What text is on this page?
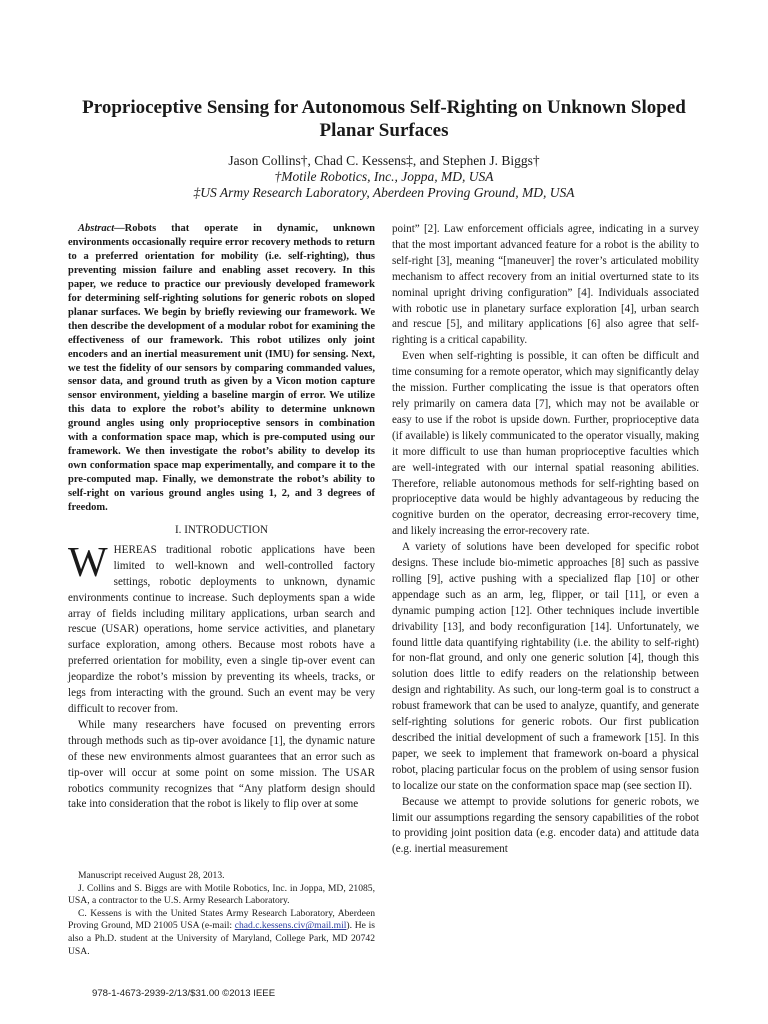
Proprioceptive Sensing for Autonomous Self-Righting on Unknown Sloped Planar Surfaces
Jason Collins†, Chad C. Kessens‡, and Stephen J. Biggs†
†Motile Robotics, Inc., Joppa, MD, USA
‡US Army Research Laboratory, Aberdeen Proving Ground, MD, USA

Abstract—Robots that operate in dynamic, unknown environments occasionally require error recovery methods to return to a preferred orientation for mobility (i.e. self-righting), thus preventing mission failure and enabling asset recovery. In this paper, we reduce to practice our previously developed framework for determining self-righting solutions for generic robots on sloped planar surfaces. We begin by briefly reviewing our framework. We then describe the development of a modular robot for examining the effectiveness of our framework. This robot utilizes only joint encoders and an inertial measurement unit (IMU) for sensing. Next, we test the fidelity of our sensors by comparing commanded values, sensor data, and ground truth as given by a Vicon motion capture sensor environment, yielding a baseline margin of error. We utilize this data to explore the robot’s ability to determine unknown ground angles using only proprioceptive sensors in combination with a conformation space map, which is pre-computed using our framework. We then investigate the robot’s ability to develop its own conformation space map experimentally, and compare it to the pre-computed map. Finally, we demonstrate the robot’s ability to self-right on various ground angles using 1, 2, and 3 degrees of freedom.

I. INTRODUCTION

WHEREAS traditional robotic applications have been limited to well-known and well-controlled factory settings, robotic deployments to unknown, dynamic environments continue to increase. Such deployments span a wide array of fields including military applications, urban search and rescue (USAR) operations, home service activities, and planetary surface exploration, among others. Because most robots have a preferred orientation for mobility, even a single tip-over event can jeopardize the robot’s mission by preventing its wheels, tracks, or legs from interacting with the ground. Such an event may be very difficult to recover from.

While many researchers have focused on preventing errors through methods such as tip-over avoidance [1], the dynamic nature of these new environments almost guarantees that an error such as tip-over will occur at some point on some mission. The USAR robotics community recognizes that “Any platform design should take into consideration that the robot is likely to flip over at some

point” [2]. Law enforcement officials agree, indicating in a survey that the most important advanced feature for a robot is the ability to self-right [3], meaning “[maneuver] the rover’s articulated mobility mechanism to affect recovery from an initial overturned state to its nominal upright driving configuration” [4]. Individuals associated with robotic use in planetary surface exploration [4], urban search and rescue [5], and military applications [6] also agree that self-righting is a critical capability.

Even when self-righting is possible, it can often be difficult and time consuming for a remote operator, which may significantly delay the mission. Further complicating the issue is that operators often rely primarily on camera data [7], which may not be available or easy to use if the robot is upside down. Further, proprioceptive data (if available) is likely communicated to the operator visually, making it more difficult to use than human proprioceptive faculties which are well-integrated with our internal spatial reasoning abilities. Therefore, reliable autonomous methods for self-righting based on proprioceptive data would be highly advantageous by reducing the cognitive burden on the operator, decreasing error-recovery time, and likely increasing the error-recovery rate.

A variety of solutions have been developed for specific robot designs. These include bio-mimetic approaches [8] such as passive rolling [9], active pushing with a specialized flap [10] or other appendage such as an arm, leg, flipper, or tail [11], or even a dynamic pumping action [12]. Other techniques include invertible drivability [13], and body reconfiguration [14]. Unfortunately, we found little data quantifying rightability (i.e. the ability to self-right) for non-flat ground, and only one generic solution [4], though this solution does little to edify readers on the relationship between design and rightability. As such, our long-term goal is to construct a robust framework that can be used to analyze, quantify, and generate self-righting solutions for generic robots. Our first publication described the initial development of such a framework [15]. In this paper, we seek to implement that framework on-board a physical robot, placing particular focus on the problem of using sensor fusion to localize our state on the conformation space map (see section II).

Because we attempt to provide solutions for generic robots, we limit our assumptions regarding the sensory capabilities of the robot to providing joint position data (e.g. encoder data) and attitude data (e.g. inertial measurement

Manuscript received August 28, 2013.

J. Collins and S. Biggs are with Motile Robotics, Inc. in Joppa, MD, 21085, USA, a contractor to the U.S. Army Research Laboratory.

C. Kessens is with the United States Army Research Laboratory, Aberdeen Proving Ground, MD 21005 USA (e-mail: chad.c.kessens.civ@mail.mil). He is also a Ph.D. student at the University of Maryland, College Park, MD 20742 USA.

978-1-4673-2939-2/13/$31.00 ©2013 IEEE
